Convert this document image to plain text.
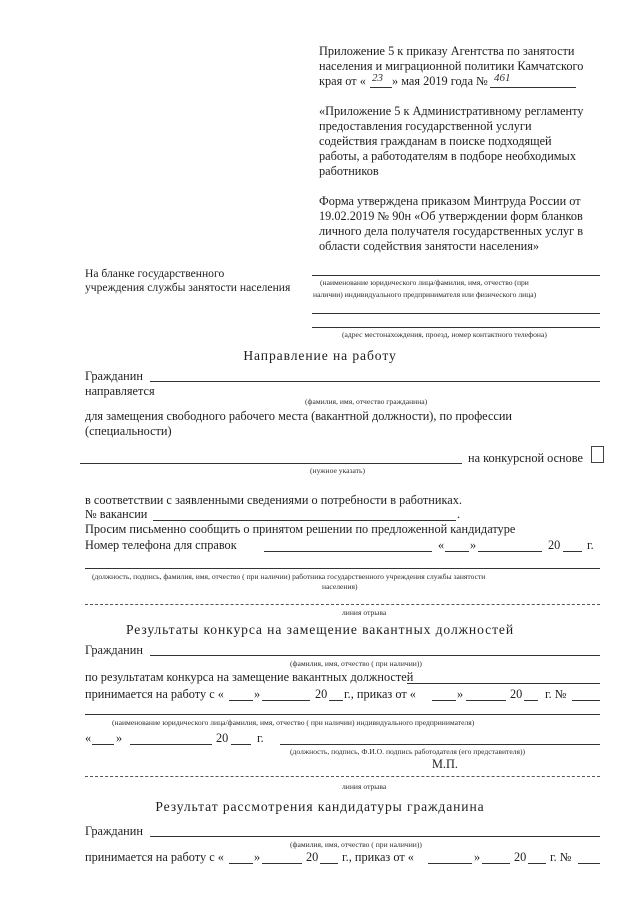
Приложение 5 к приказу Агентства по занятости
населения и миграционной политики Камчатского
края от « 23 » мая 2019 года № 461
«Приложение 5 к Административному регламенту
предоставления государственной услуги
содействия гражданам в поиске подходящей
работы, а работодателям в подборе необходимых
работников
Форма утверждена приказом Минтруда России от
19.02.2019 № 90н «Об утверждении форм бланков
личного дела получателя государственных услуг в
области содействия занятости населения»
На бланке государственного
учреждения службы занятости населения	(наименование юридического лица/фамилия, имя, отчество (при
наличии) индивидуального предпринимателя или физического лица)
(адрес местонахождения, проезд, номер контактного телефона)
Направление на работу
Гражданин
направляется
(фамилия, имя, отчество гражданина)
для замещения свободного рабочего места (вакантной должности), по профессии
(специальности)
на конкурсной основе
(нужное указать)
в соответствии с заявленными сведениями о потребности в работниках.
№ вакансии	.
Просим письменно сообщить о принятом решении по предложенной кандидатуре
Номер телефона для справок	« »	20 г.
(должность, подпись, фамилия, имя, отчество ( при наличии) работника государственного учреждения службы занятости
населения)
линия отрыва
Результаты конкурса на замещение вакантных должностей
Гражданин
(фамилия, имя, отчество ( при наличии))
по результатам конкурса на замещение вакантных должностей
принимается на работу с « »	20 г., приказ от «	»	20 г. №
(наименование юридического лица/фамилия, имя, отчество ( при наличии) индивидуального предпринимателя)
« »	20 г.
(должность, подпись, Ф.И.О. подпись работодателя (его представителя))
М.П.
линия отрыва
Результат рассмотрения кандидатуры гражданина
Гражданин
(фамилия, имя, отчество ( при наличии))
принимается на работу с « »	20 г., приказ от «	»	20 г. №
